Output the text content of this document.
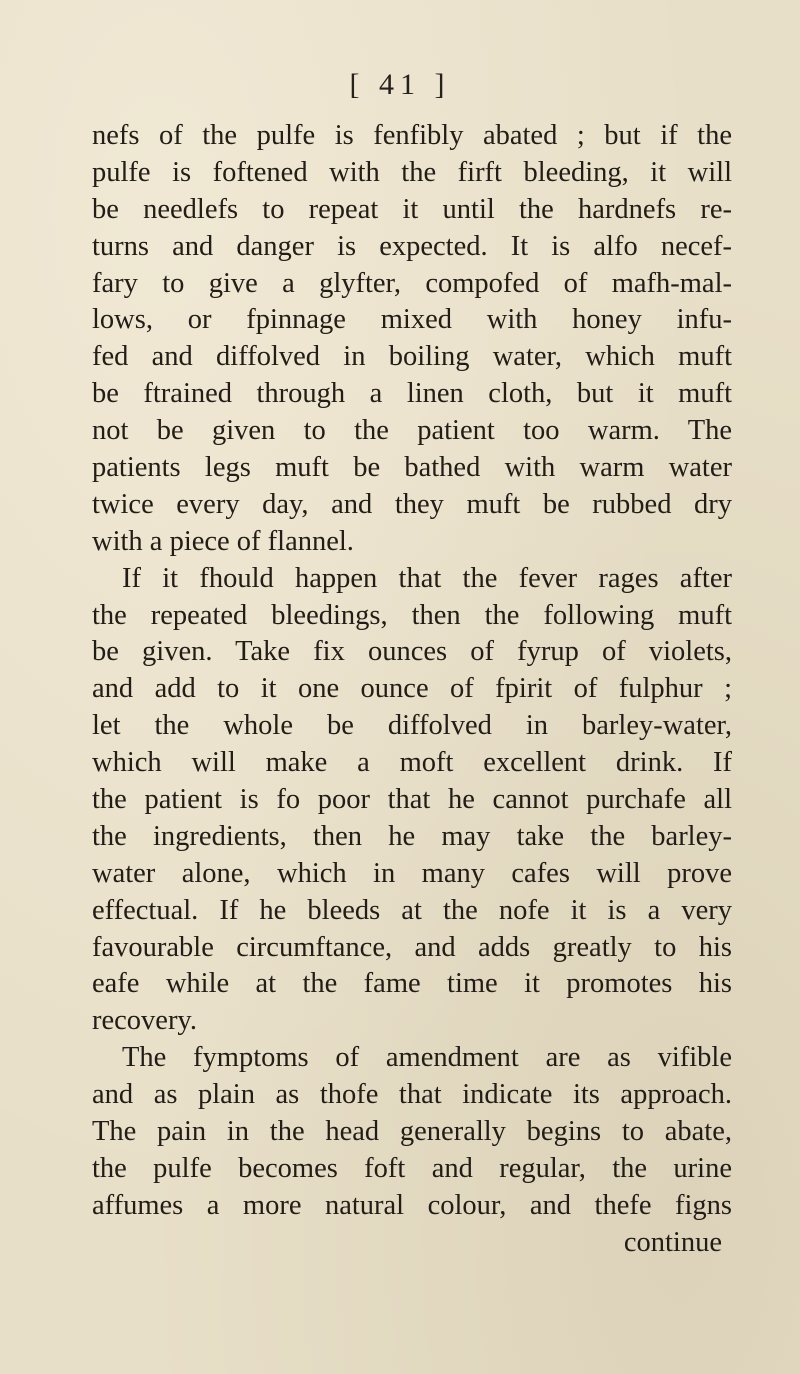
[ 41 ]
nefs of the pulfe is fenfibly abated ; but if the
pulfe is foftened with the firft bleeding, it will
be needlefs to repeat it until the hardnefs re-
turns and danger is expected. It is alfo necef-
fary to give a glyfter, compofed of mafh-mal-
lows, or fpinnage mixed with honey infu-
fed and diffolved in boiling water, which muft
be ftrained through a linen cloth, but it muft
not be given to the patient too warm. The
patients legs muft be bathed with warm water
twice every day, and they muft be rubbed dry
with a piece of flannel.
If it fhould happen that the fever rages after
the repeated bleedings, then the following muft
be given. Take fix ounces of fyrup of violets,
and add to it one ounce of fpirit of fulphur ;
let the whole be diffolved in barley-water,
which will make a moft excellent drink. If
the patient is fo poor that he cannot purchafe all
the ingredients, then he may take the barley-
water alone, which in many cafes will prove
effectual. If he bleeds at the nofe it is a very
favourable circumftance, and adds greatly to his
eafe while at the fame time it promotes his
recovery.
The fymptoms of amendment are as vifible
and as plain as thofe that indicate its approach.
The pain in the head generally begins to abate,
the pulfe becomes foft and regular, the urine
affumes a more natural colour, and thefe figns
continue
